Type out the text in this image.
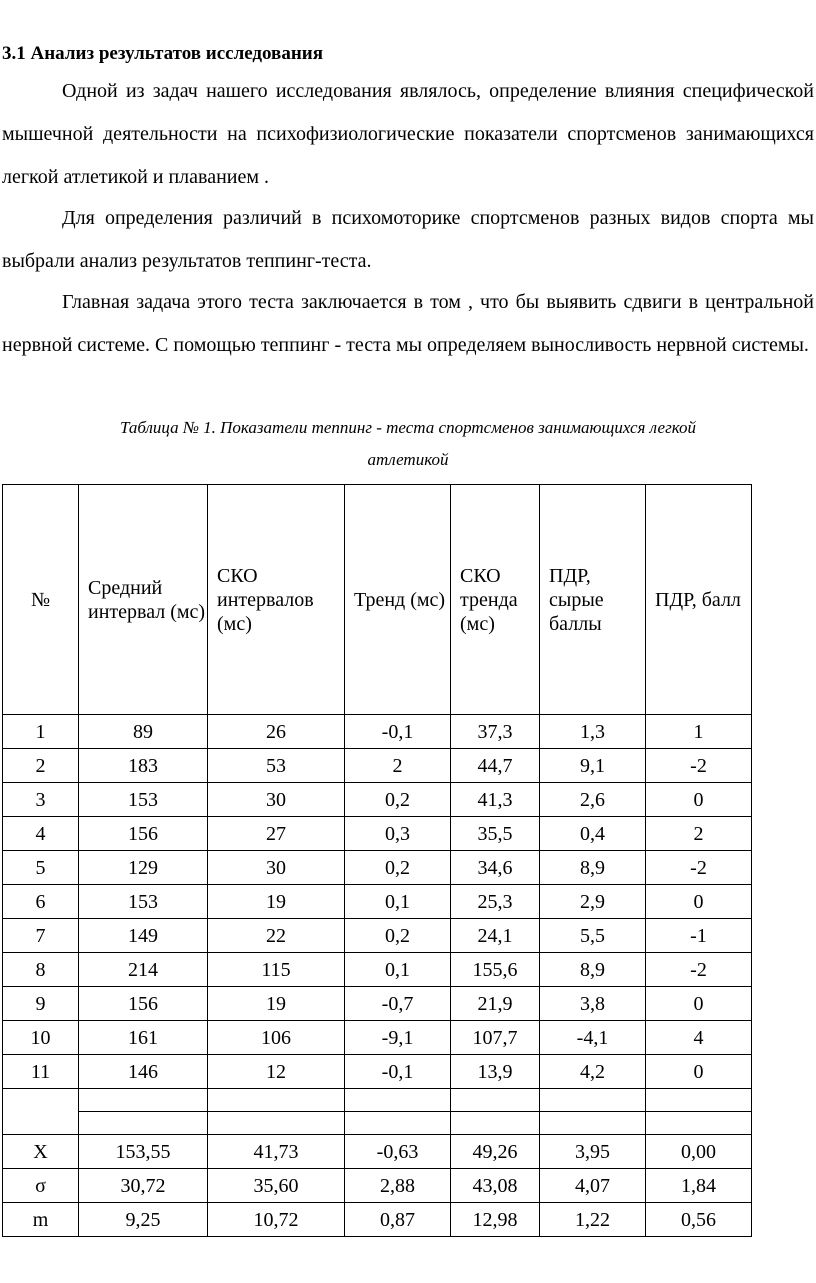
3.1 Анализ результатов исследования

Одной из задач нашего исследования являлось, определение влияния специфической мышечной деятельности на психофизиологические показатели спортсменов занимающихся легкой атлетикой и плаванием .

Для определения различий в психомоторике спортсменов разных видов спорта мы выбрали анализ результатов теппинг-теста.

Главная задача этого теста заключается в том , что бы выявить сдвиги в центральной нервной системе. С помощью теппинг - теста мы определяем выносливость нервной системы.

Таблица № 1. Показатели теппинг - теста спортсменов занимающихся легкой
атлетикой
№	Средний интервал (мс)	СКО интервалов (мс)	Тренд (мс)	СКО тренда (мс)	ПДР, сырые баллы	ПДР, балл
1	89	26	-0,1	37,3	1,3	1
2	183	53	2	44,7	9,1	-2
3	153	30	0,2	41,3	2,6	0
4	156	27	0,3	35,5	0,4	2
5	129	30	0,2	34,6	8,9	-2
6	153	19	0,1	25,3	2,9	0
7	149	22	0,2	24,1	5,5	-1
8	214	115	0,1	155,6	8,9	-2
9	156	19	-0,7	21,9	3,8	0
10	161	106	-9,1	107,7	-4,1	4
11	146	12	-0,1	13,9	4,2	0

X	153,55	41,73	-0,63	49,26	3,95	0,00
σ	30,72	35,60	2,88	43,08	4,07	1,84
m	9,25	10,72	0,87	12,98	1,22	0,56
